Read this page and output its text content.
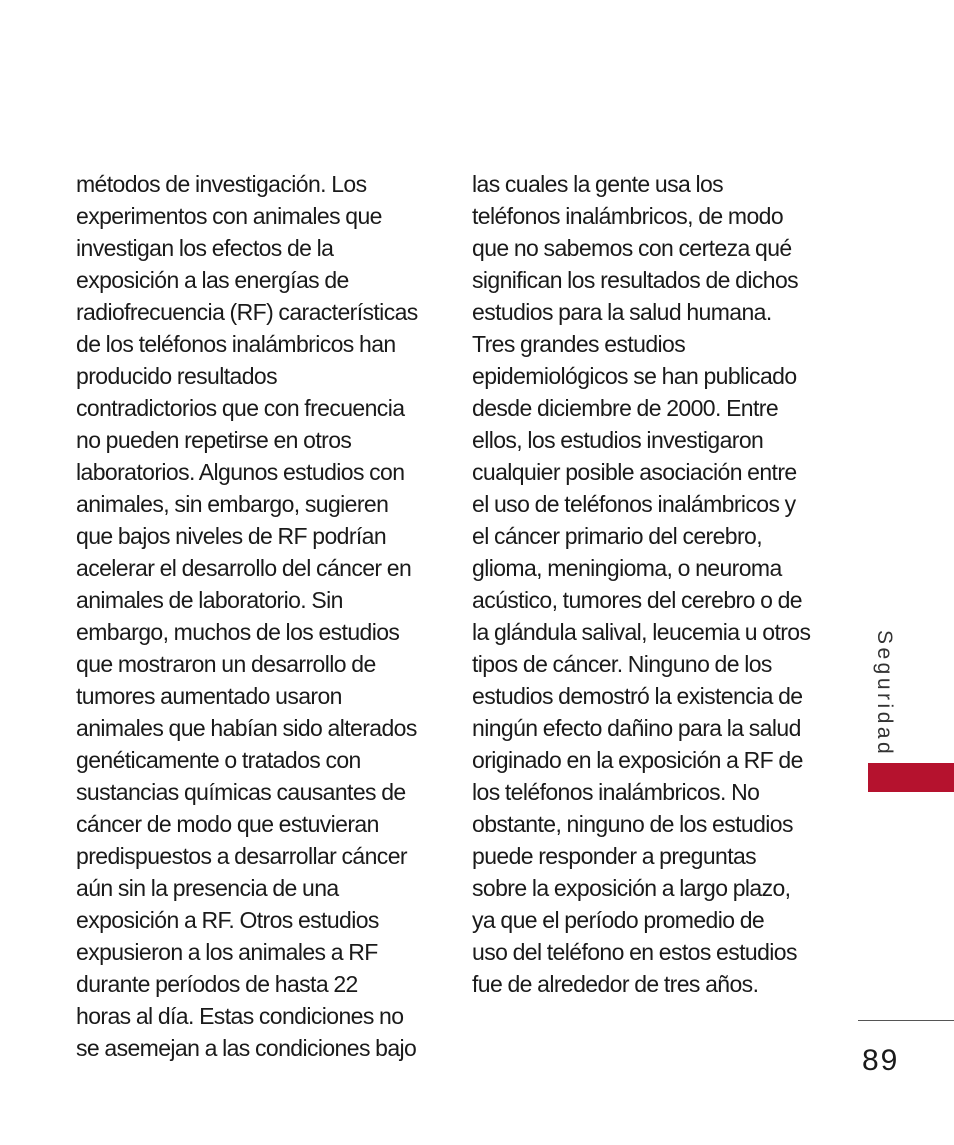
métodos de investigación. Los
experimentos con animales que
investigan los efectos de la
exposición a las energías de
radiofrecuencia (RF) características
de los teléfonos inalámbricos han
producido resultados
contradictorios que con frecuencia
no pueden repetirse en otros
laboratorios. Algunos estudios con
animales, sin embargo, sugieren
que bajos niveles de RF podrían
acelerar el desarrollo del cáncer en
animales de laboratorio. Sin
embargo, muchos de los estudios
que mostraron un desarrollo de
tumores aumentado usaron
animales que habían sido alterados
genéticamente o tratados con
sustancias químicas causantes de
cáncer de modo que estuvieran
predispuestos a desarrollar cáncer
aún sin la presencia de una
exposición a RF. Otros estudios
expusieron a los animales a RF
durante períodos de hasta 22
horas al día. Estas condiciones no
se asemejan a las condiciones bajo
las cuales la gente usa los
teléfonos inalámbricos, de modo
que no sabemos con certeza qué
significan los resultados de dichos
estudios para la salud humana.
Tres grandes estudios
epidemiológicos se han publicado
desde diciembre de 2000. Entre
ellos, los estudios investigaron
cualquier posible asociación entre
el uso de teléfonos inalámbricos y
el cáncer primario del cerebro,
glioma, meningioma, o neuroma
acústico, tumores del cerebro o de
la glándula salival, leucemia u otros
tipos de cáncer. Ninguno de los
estudios demostró la existencia de
ningún efecto dañino para la salud
originado en la exposición a RF de
los teléfonos inalámbricos. No
obstante, ninguno de los estudios
puede responder a preguntas
sobre la exposición a largo plazo,
ya que el período promedio de
uso del teléfono en estos estudios
fue de alrededor de tres años.
Seguridad
89
